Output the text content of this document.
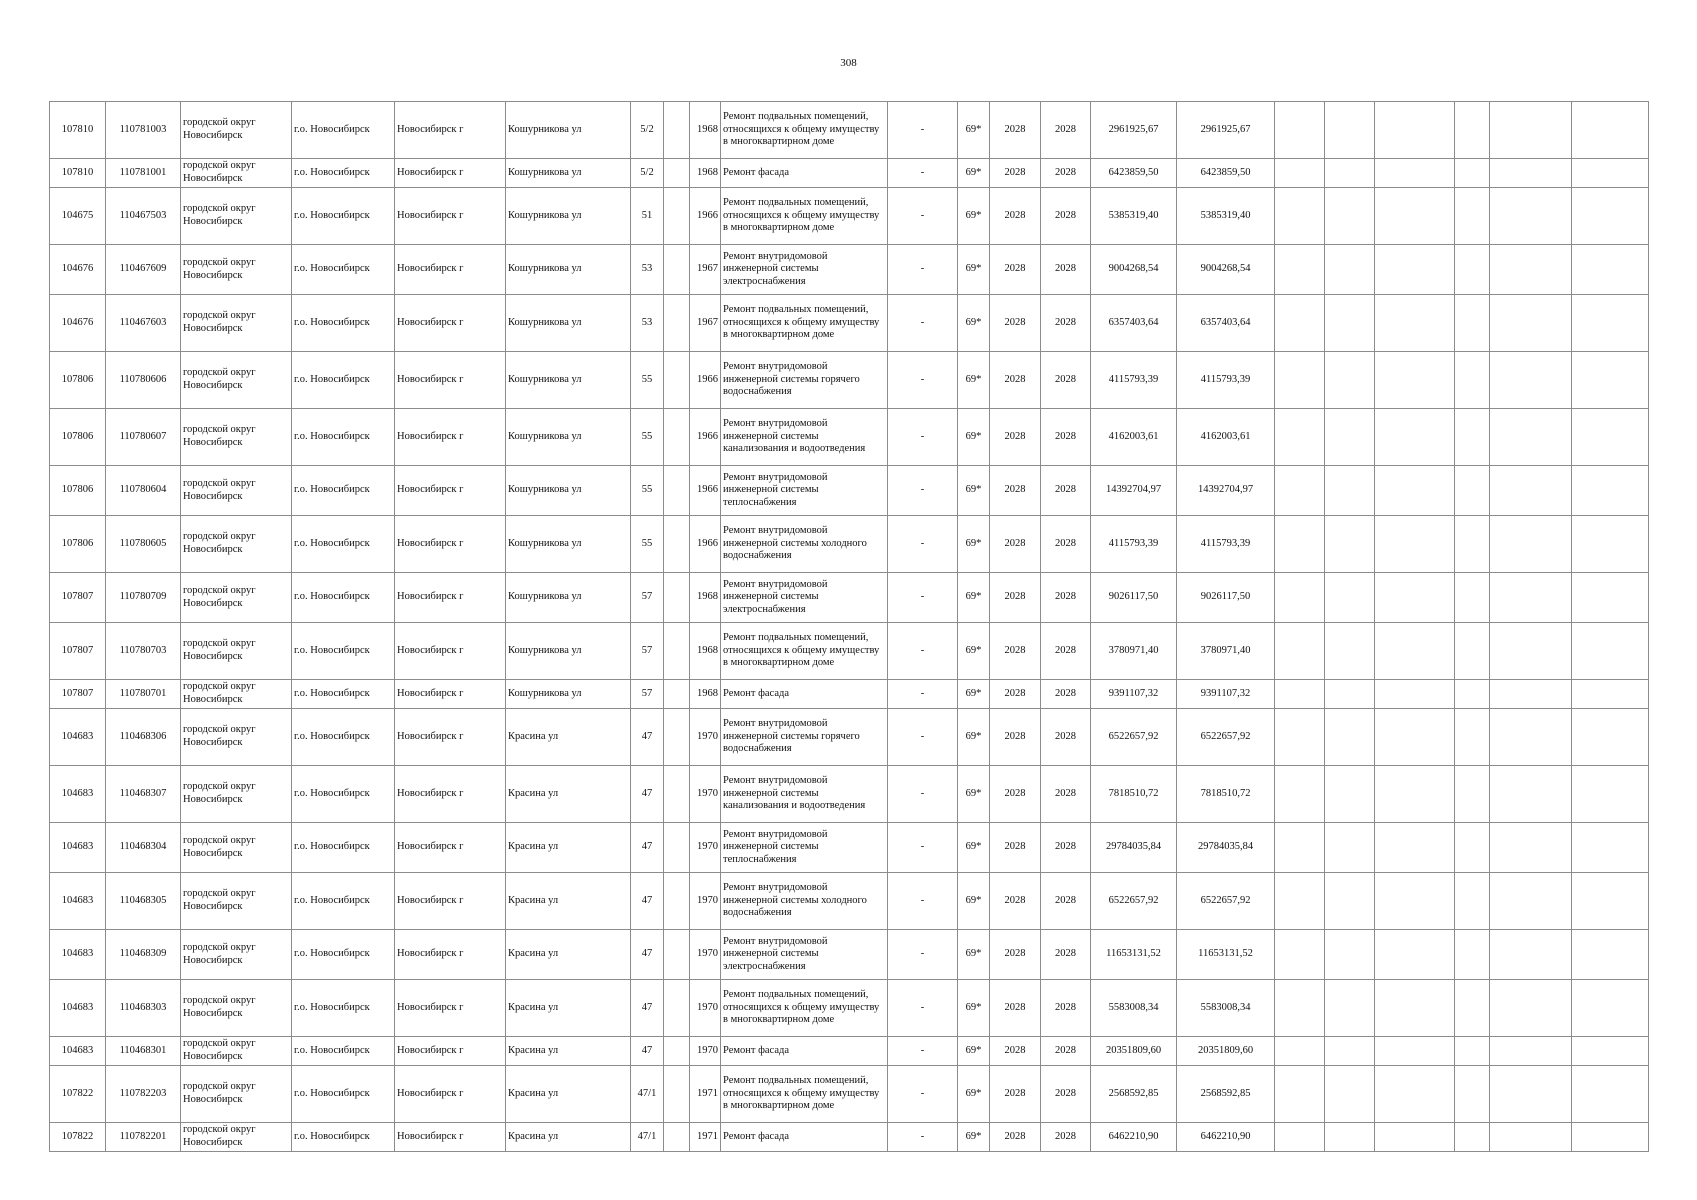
308
107810	110781003	городской округ Новосибирск	г.о. Новосибирск	Новосибирск г	Кошурникова ул	5/2		1968	Ремонт подвальных помещений, относящихся к общему имуществу в многоквартирном доме	-	69*	2028	2028	2961925,67	2961925,67						
107810	110781001	городской округ Новосибирск	г.о. Новосибирск	Новосибирск г	Кошурникова ул	5/2		1968	Ремонт фасада	-	69*	2028	2028	6423859,50	6423859,50						
104675	110467503	городской округ Новосибирск	г.о. Новосибирск	Новосибирск г	Кошурникова ул	51		1966	Ремонт подвальных помещений, относящихся к общему имуществу в многоквартирном доме	-	69*	2028	2028	5385319,40	5385319,40						
104676	110467609	городской округ Новосибирск	г.о. Новосибирск	Новосибирск г	Кошурникова ул	53		1967	Ремонт внутридомовой инженерной системы электроснабжения	-	69*	2028	2028	9004268,54	9004268,54						
104676	110467603	городской округ Новосибирск	г.о. Новосибирск	Новосибирск г	Кошурникова ул	53		1967	Ремонт подвальных помещений, относящихся к общему имуществу в многоквартирном доме	-	69*	2028	2028	6357403,64	6357403,64						
107806	110780606	городской округ Новосибирск	г.о. Новосибирск	Новосибирск г	Кошурникова ул	55		1966	Ремонт внутридомовой инженерной системы горячего водоснабжения	-	69*	2028	2028	4115793,39	4115793,39						
107806	110780607	городской округ Новосибирск	г.о. Новосибирск	Новосибирск г	Кошурникова ул	55		1966	Ремонт внутридомовой инженерной системы канализования и водоотведения	-	69*	2028	2028	4162003,61	4162003,61						
107806	110780604	городской округ Новосибирск	г.о. Новосибирск	Новосибирск г	Кошурникова ул	55		1966	Ремонт внутридомовой инженерной системы теплоснабжения	-	69*	2028	2028	14392704,97	14392704,97						
107806	110780605	городской округ Новосибирск	г.о. Новосибирск	Новосибирск г	Кошурникова ул	55		1966	Ремонт внутридомовой инженерной системы холодного водоснабжения	-	69*	2028	2028	4115793,39	4115793,39						
107807	110780709	городской округ Новосибирск	г.о. Новосибирск	Новосибирск г	Кошурникова ул	57		1968	Ремонт внутридомовой инженерной системы электроснабжения	-	69*	2028	2028	9026117,50	9026117,50						
107807	110780703	городской округ Новосибирск	г.о. Новосибирск	Новосибирск г	Кошурникова ул	57		1968	Ремонт подвальных помещений, относящихся к общему имуществу в многоквартирном доме	-	69*	2028	2028	3780971,40	3780971,40						
107807	110780701	городской округ Новосибирск	г.о. Новосибирск	Новосибирск г	Кошурникова ул	57		1968	Ремонт фасада	-	69*	2028	2028	9391107,32	9391107,32						
104683	110468306	городской округ Новосибирск	г.о. Новосибирск	Новосибирск г	Красина ул	47		1970	Ремонт внутридомовой инженерной системы горячего водоснабжения	-	69*	2028	2028	6522657,92	6522657,92						
104683	110468307	городской округ Новосибирск	г.о. Новосибирск	Новосибирск г	Красина ул	47		1970	Ремонт внутридомовой инженерной системы канализования и водоотведения	-	69*	2028	2028	7818510,72	7818510,72						
104683	110468304	городской округ Новосибирск	г.о. Новосибирск	Новосибирск г	Красина ул	47		1970	Ремонт внутридомовой инженерной системы теплоснабжения	-	69*	2028	2028	29784035,84	29784035,84						
104683	110468305	городской округ Новосибирск	г.о. Новосибирск	Новосибирск г	Красина ул	47		1970	Ремонт внутридомовой инженерной системы холодного водоснабжения	-	69*	2028	2028	6522657,92	6522657,92						
104683	110468309	городской округ Новосибирск	г.о. Новосибирск	Новосибирск г	Красина ул	47		1970	Ремонт внутридомовой инженерной системы электроснабжения	-	69*	2028	2028	11653131,52	11653131,52						
104683	110468303	городской округ Новосибирск	г.о. Новосибирск	Новосибирск г	Красина ул	47		1970	Ремонт подвальных помещений, относящихся к общему имуществу в многоквартирном доме	-	69*	2028	2028	5583008,34	5583008,34						
104683	110468301	городской округ Новосибирск	г.о. Новосибирск	Новосибирск г	Красина ул	47		1970	Ремонт фасада	-	69*	2028	2028	20351809,60	20351809,60						
107822	110782203	городской округ Новосибирск	г.о. Новосибирск	Новосибирск г	Красина ул	47/1		1971	Ремонт подвальных помещений, относящихся к общему имуществу в многоквартирном доме	-	69*	2028	2028	2568592,85	2568592,85						
107822	110782201	городской округ Новосибирск	г.о. Новосибирск	Новосибирск г	Красина ул	47/1		1971	Ремонт фасада	-	69*	2028	2028	6462210,90	6462210,90						
